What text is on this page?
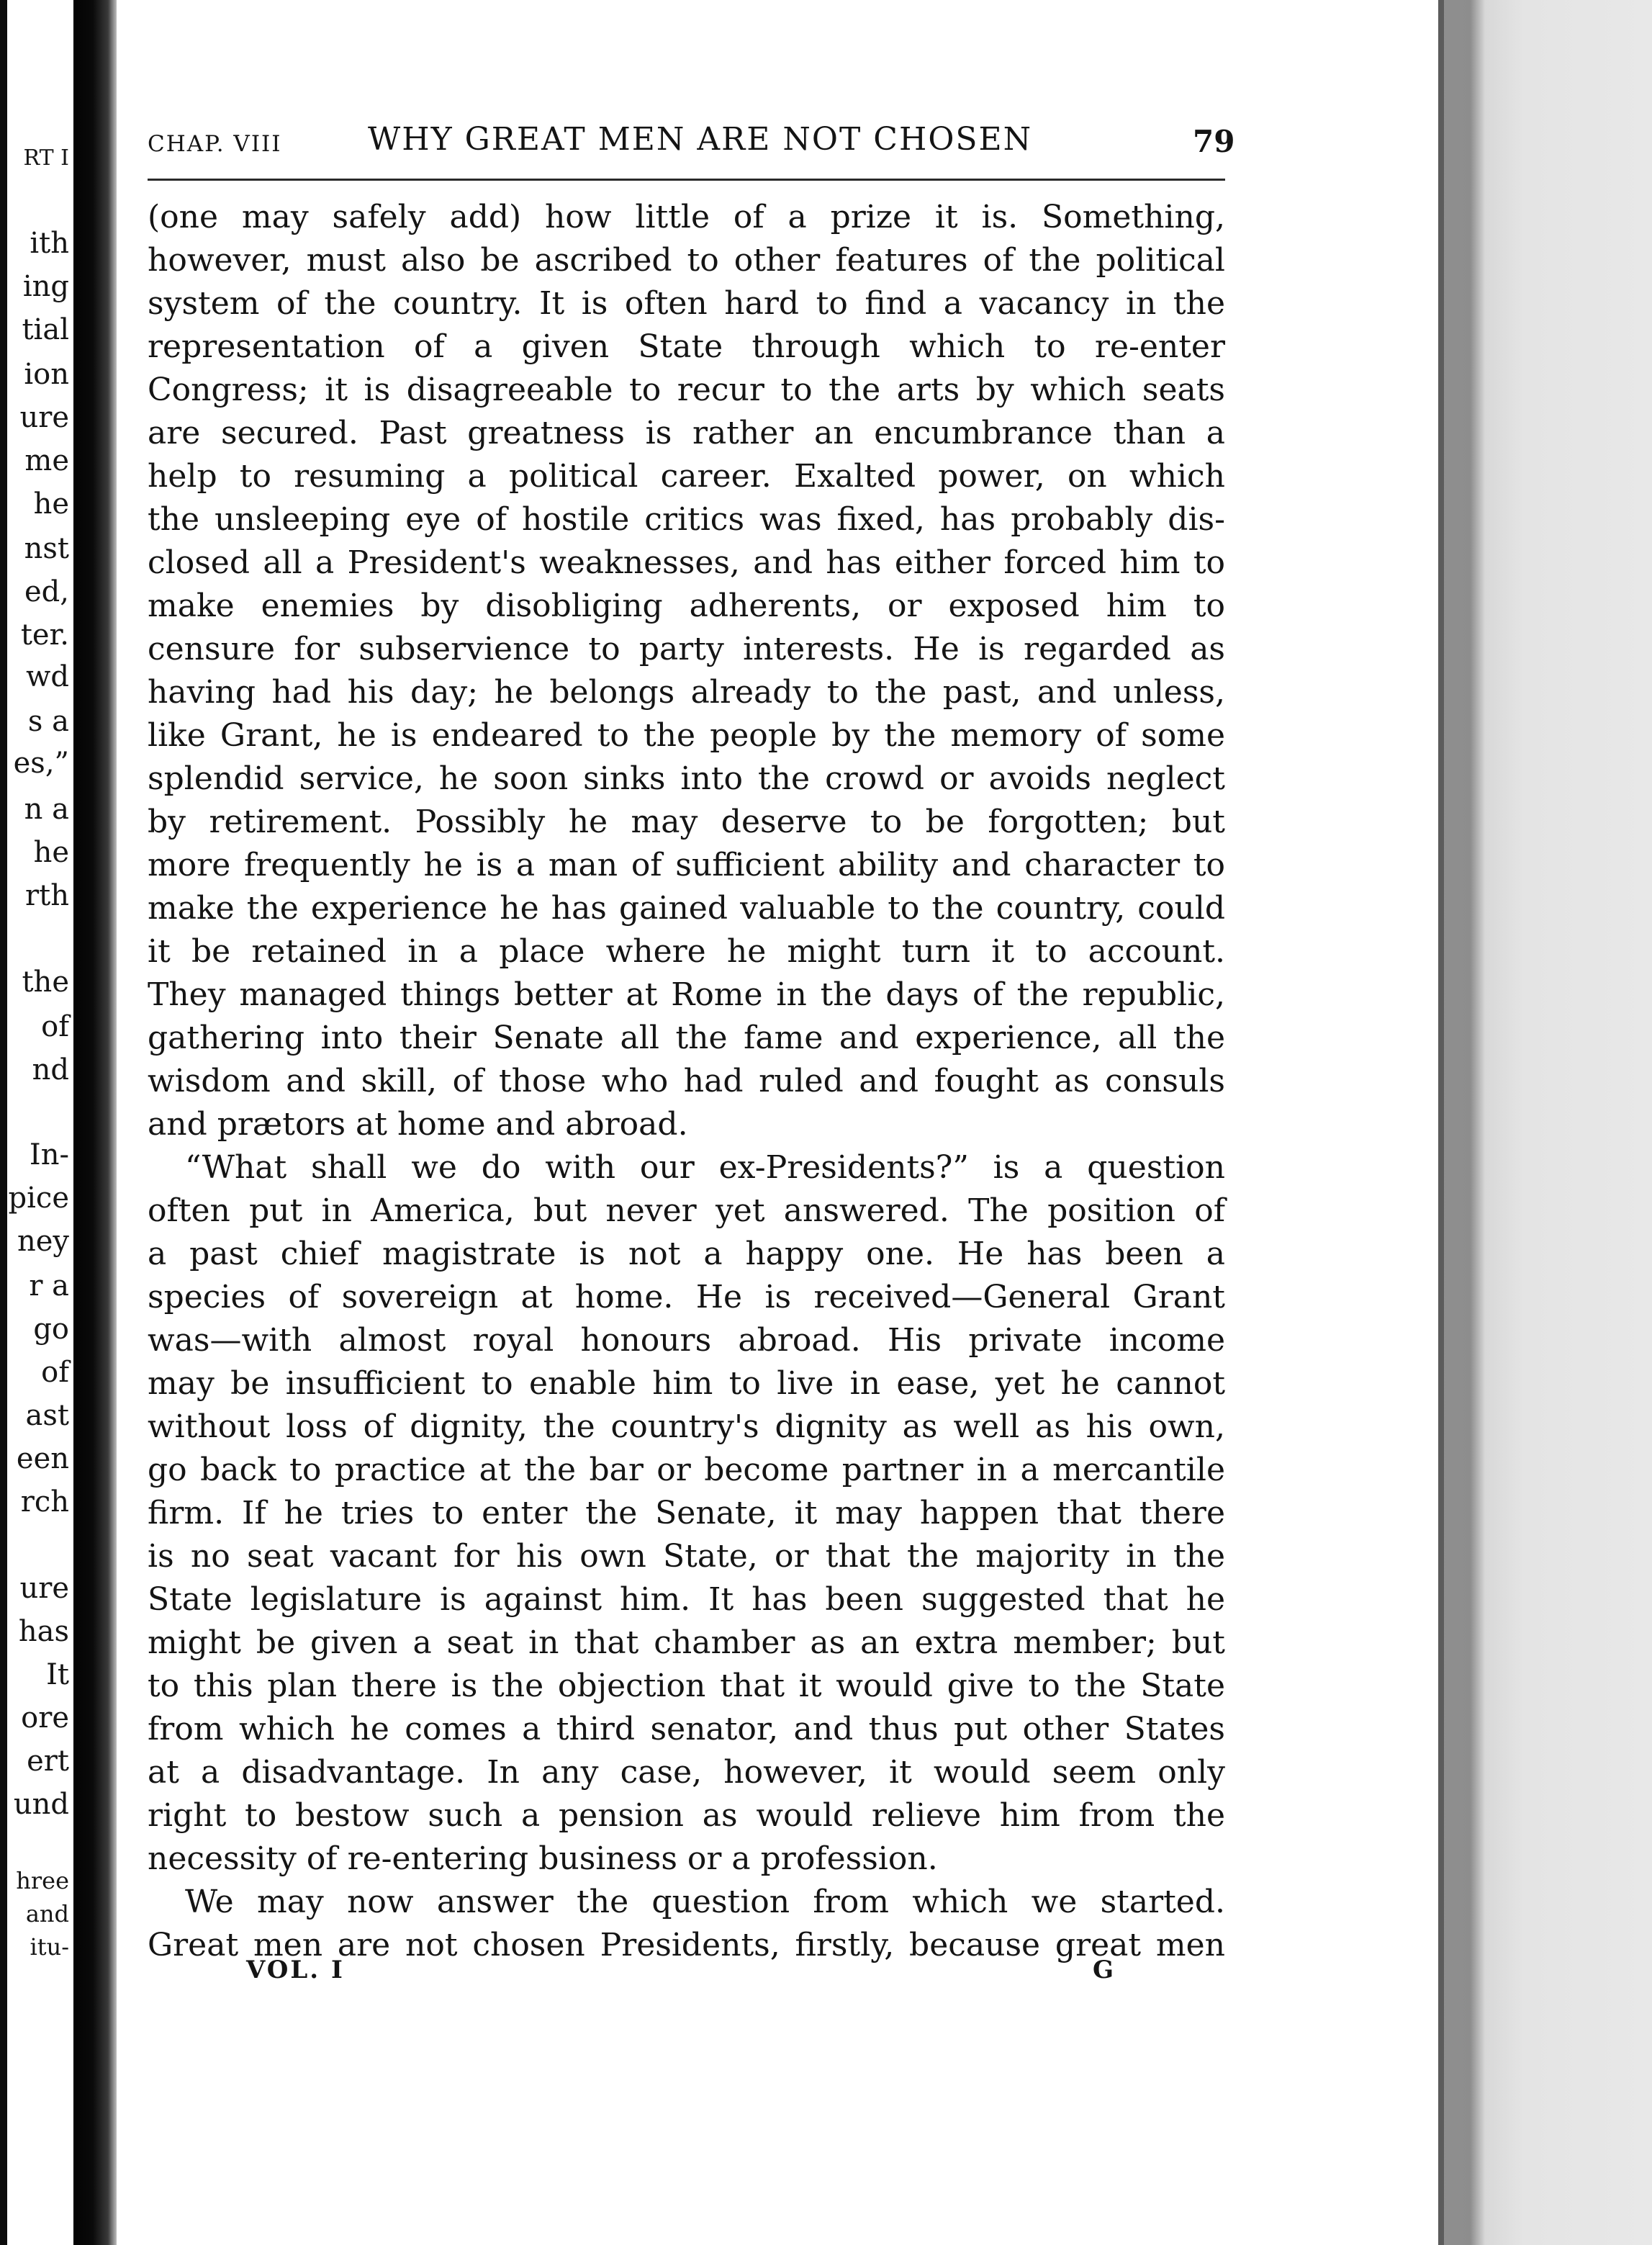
RT I
ith
ing
tial
ion
ure
me
he
nst
ed,
ter.
wd
s a
es,”
n a
he
rth
the
of
nd
In-
pice
ney
r a
go
of
ast
een
rch
ure
has
It
ore
ert
und
hree
and
itu-
CHAP. VIII	WHY GREAT MEN ARE NOT CHOSEN	79
(one may safely add) how little of a prize it is. Something,
however, must also be ascribed to other features of the political
system of the country. It is often hard to find a vacancy in the
representation of a given State through which to re-enter
Congress; it is disagreeable to recur to the arts by which seats
are secured. Past greatness is rather an encumbrance than a
help to resuming a political career. Exalted power, on which
the unsleeping eye of hostile critics was fixed, has probably dis-
closed all a President's weaknesses, and has either forced him to
make enemies by disobliging adherents, or exposed him to
censure for subservience to party interests. He is regarded as
having had his day; he belongs already to the past, and unless,
like Grant, he is endeared to the people by the memory of some
splendid service, he soon sinks into the crowd or avoids neglect
by retirement. Possibly he may deserve to be forgotten; but
more frequently he is a man of sufficient ability and character to
make the experience he has gained valuable to the country, could
it be retained in a place where he might turn it to account.
They managed things better at Rome in the days of the republic,
gathering into their Senate all the fame and experience, all the
wisdom and skill, of those who had ruled and fought as consuls
and prætors at home and abroad.
“What shall we do with our ex-Presidents?” is a question
often put in America, but never yet answered. The position of
a past chief magistrate is not a happy one. He has been a
species of sovereign at home. He is received—General Grant
was—with almost royal honours abroad. His private income
may be insufficient to enable him to live in ease, yet he cannot
without loss of dignity, the country's dignity as well as his own,
go back to practice at the bar or become partner in a mercantile
firm. If he tries to enter the Senate, it may happen that there
is no seat vacant for his own State, or that the majority in the
State legislature is against him. It has been suggested that he
might be given a seat in that chamber as an extra member; but
to this plan there is the objection that it would give to the State
from which he comes a third senator, and thus put other States
at a disadvantage. In any case, however, it would seem only
right to bestow such a pension as would relieve him from the
necessity of re-entering business or a profession.
We may now answer the question from which we started.
Great men are not chosen Presidents, firstly, because great men
VOL. I	G
